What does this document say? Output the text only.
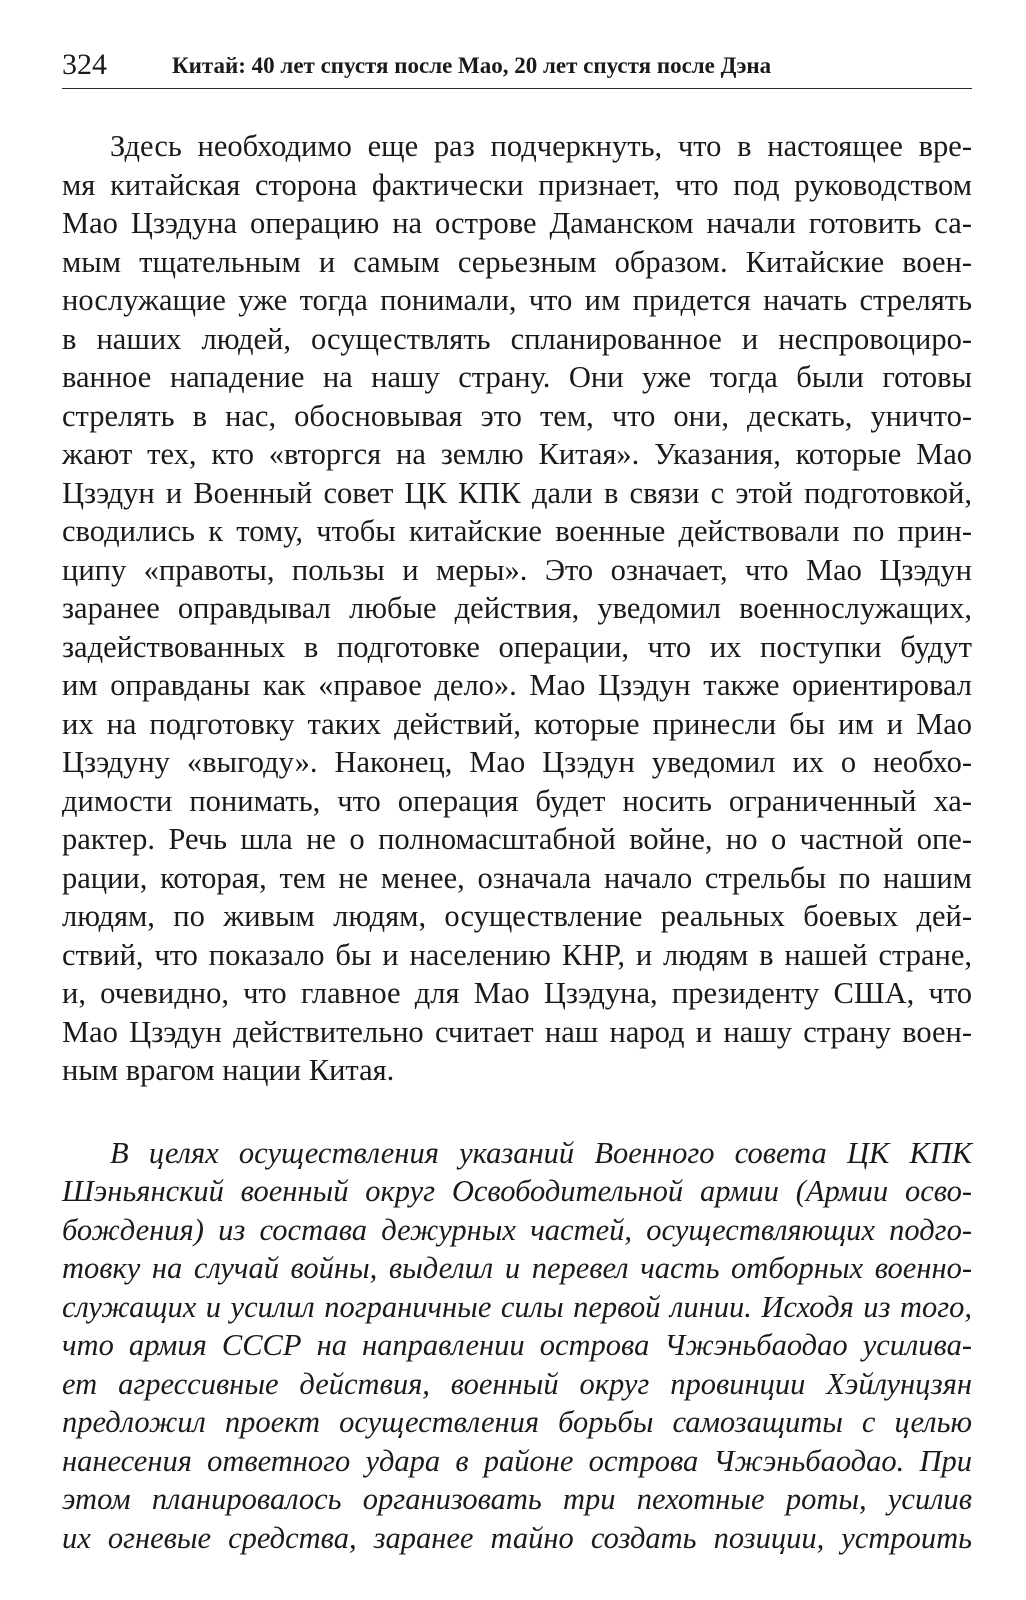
324	Китай: 40 лет спустя после Мао, 20 лет спустя после Дэна
Здесь необходимо еще раз подчеркнуть, что в настоящее вре-
мя китайская сторона фактически признает, что под руководством
Мао Цзэдуна операцию на острове Даманском начали готовить са-
мым тщательным и самым серьезным образом. Китайские воен-
нослужащие уже тогда понимали, что им придется начать стрелять
в наших людей, осуществлять спланированное и неспровоциро-
ванное нападение на нашу страну. Они уже тогда были готовы
стрелять в нас, обосновывая это тем, что они, дескать, уничто-
жают тех, кто «вторгся на землю Китая». Указания, которые Мао
Цзэдун и Военный совет ЦК КПК дали в связи с этой подготовкой,
сводились к тому, чтобы китайские военные действовали по прин-
ципу «правоты, пользы и меры». Это означает, что Мао Цзэдун
заранее оправдывал любые действия, уведомил военнослужащих,
задействованных в подготовке операции, что их поступки будут
им оправданы как «правое дело». Мао Цзэдун также ориентировал
их на подготовку таких действий, которые принесли бы им и Мао
Цзэдуну «выгоду». Наконец, Мао Цзэдун уведомил их о необхо-
димости понимать, что операция будет носить ограниченный ха-
рактер. Речь шла не о полномасштабной войне, но о частной опе-
рации, которая, тем не менее, означала начало стрельбы по нашим
людям, по живым людям, осуществление реальных боевых дей-
ствий, что показало бы и населению КНР, и людям в нашей стране,
и, очевидно, что главное для Мао Цзэдуна, президенту США, что
Мао Цзэдун действительно считает наш народ и нашу страну воен-
ным врагом нации Китая.
В целях осуществления указаний Военного совета ЦК КПК
Шэньянский военный округ Освободительной армии (Армии осво-
бождения) из состава дежурных частей, осуществляющих подго-
товку на случай войны, выделил и перевел часть отборных военно-
служащих и усилил пограничные силы первой линии. Исходя из того,
что армия СССР на направлении острова Чжэньбаодао усилива-
ет агрессивные действия, военный округ провинции Хэйлунцзян
предложил проект осуществления борьбы самозащиты с целью
нанесения ответного удара в районе острова Чжэньбаодао. При
этом планировалось организовать три пехотные роты, усилив
их огневые средства, заранее тайно создать позиции, устроить
